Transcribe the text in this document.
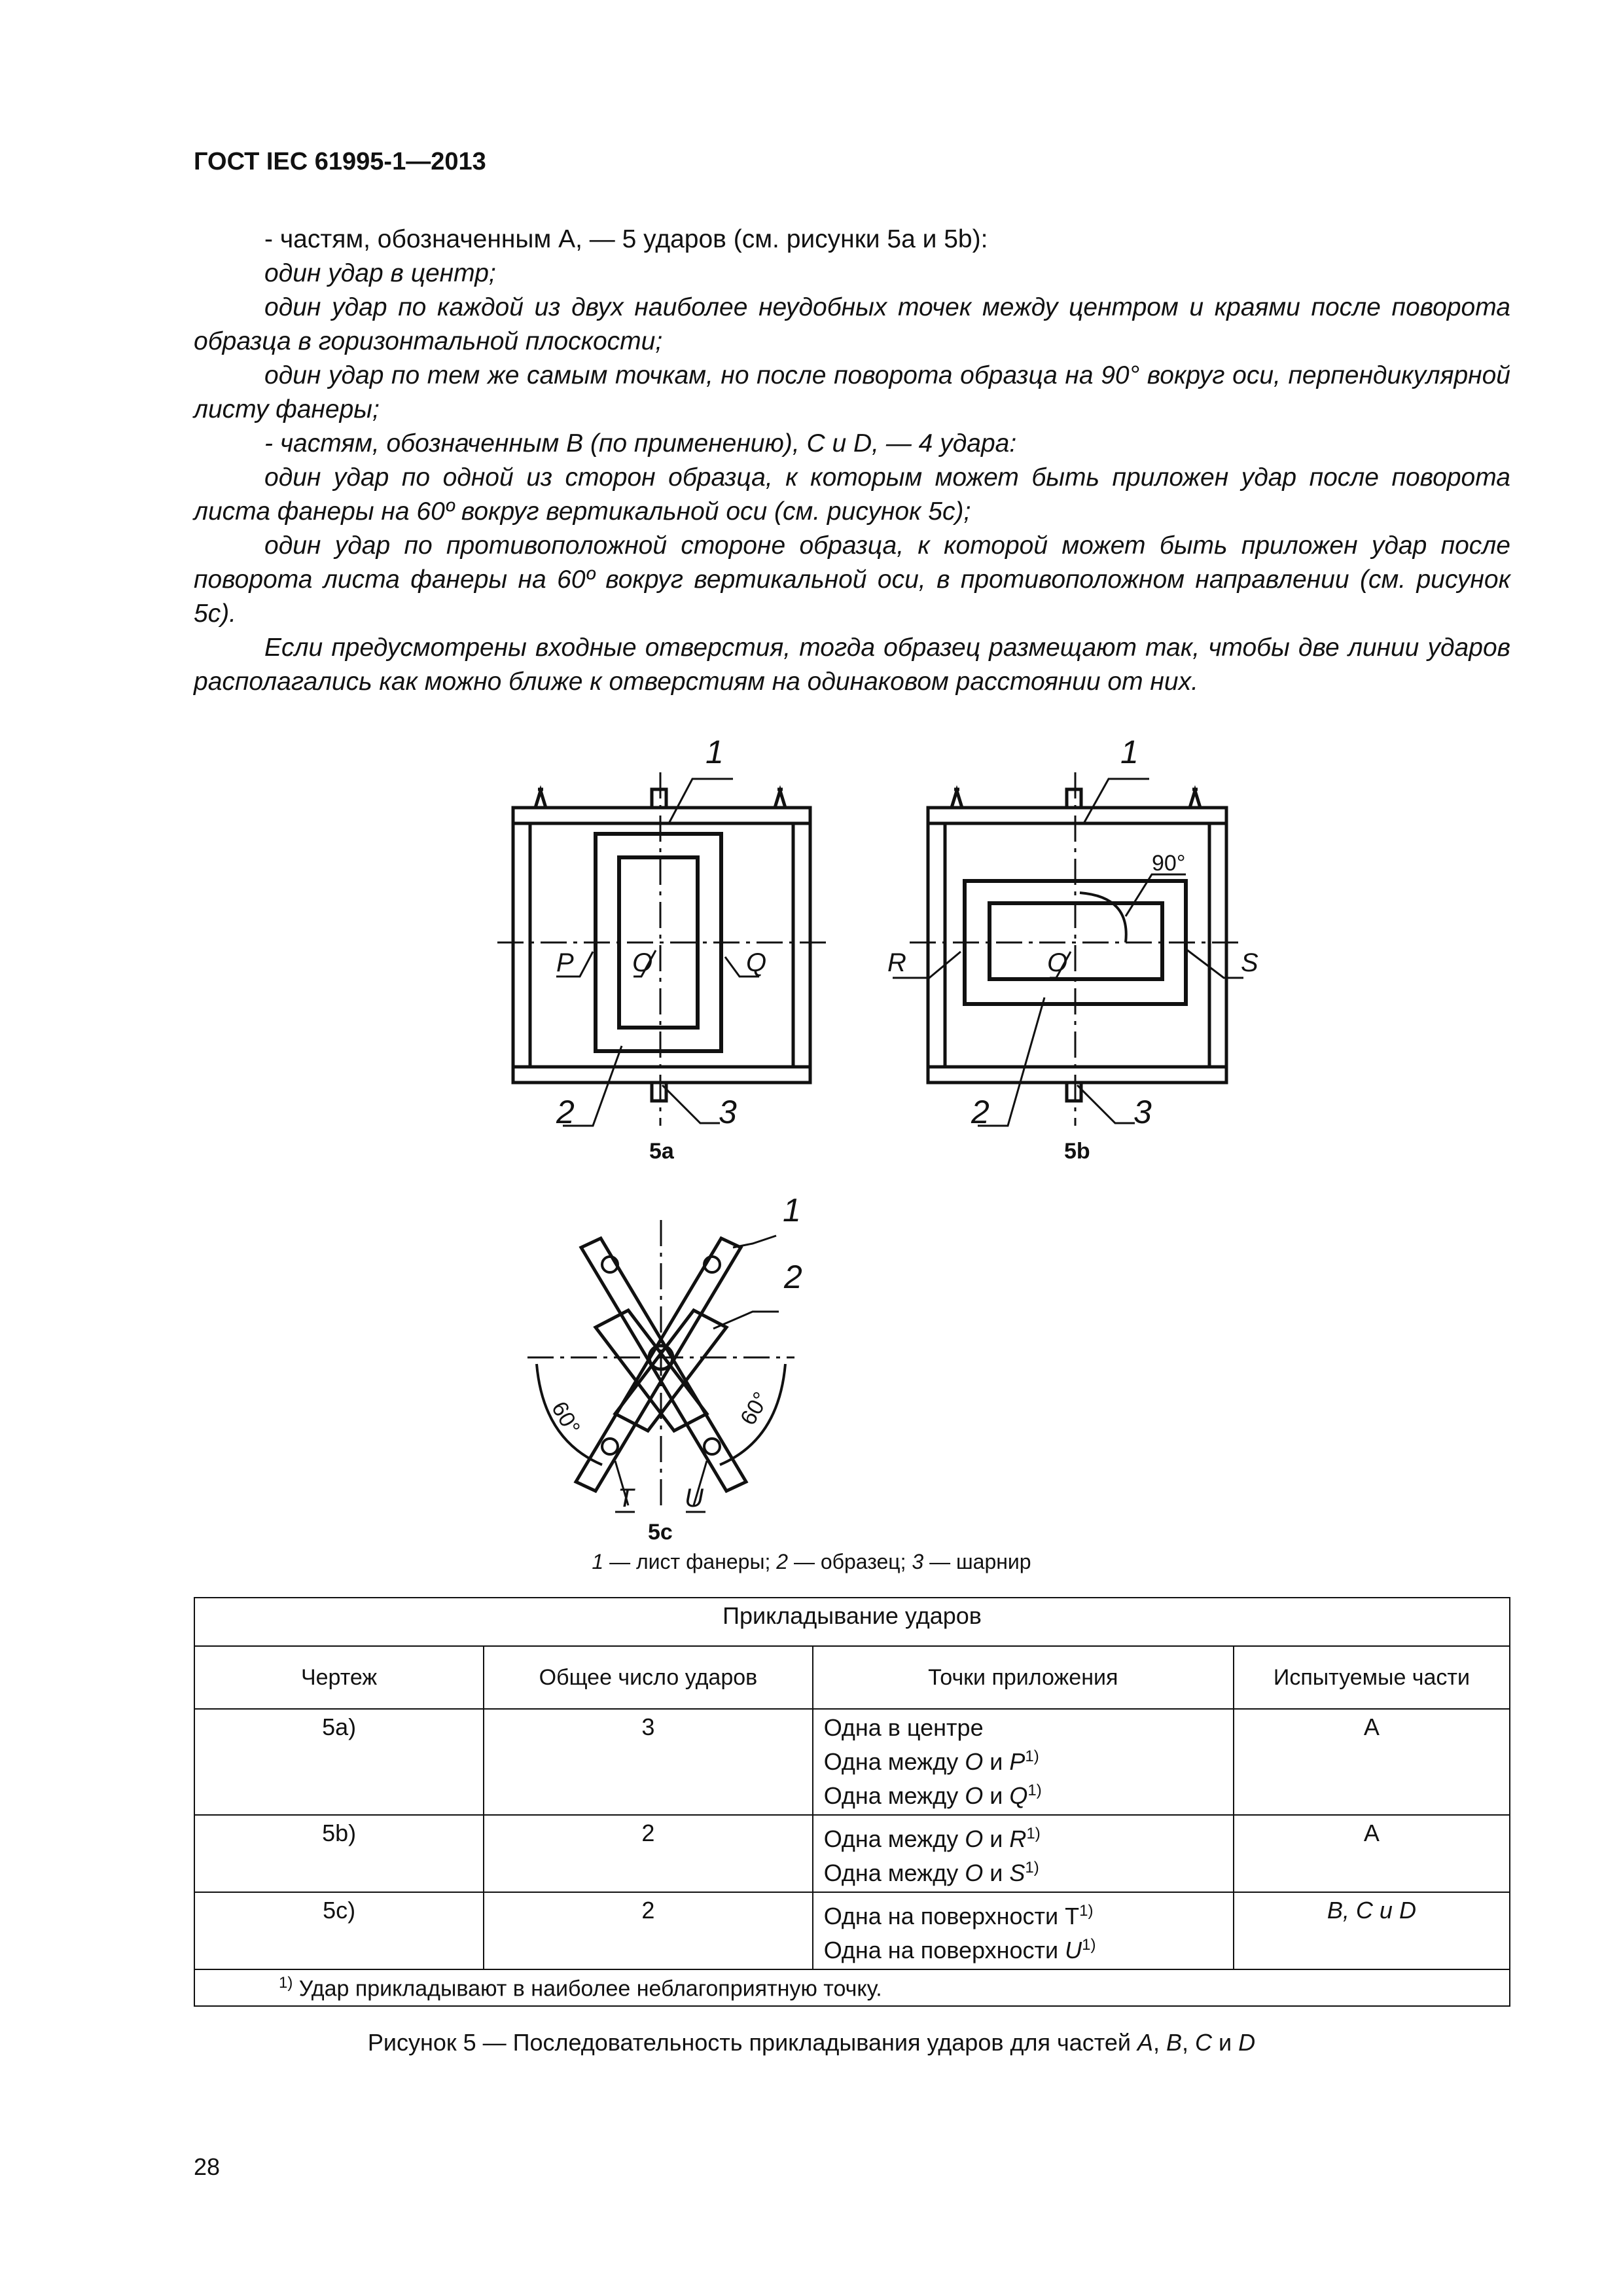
ГОСТ IEC 61995-1—2013

- частям, обозначенным А, — 5 ударов (см. рисунки 5а и 5b):

один удар в центр;

один удар по каждой из двух наиболее неудобных точек между центром и краями после поворота образца в горизонтальной плоскости;

один удар по тем же самым точкам, но после поворота образца на 90° вокруг оси, перпендикулярной листу фанеры;

- частям, обозначенным В (по применению), С и D, — 4 удара:

один удар по одной из сторон образца, к которым может быть приложен удар после поворота листа фанеры на 60º вокруг вертикальной оси (см. рисунок 5с);

один удар по противоположной стороне образца, к которой может быть приложен удар после поворота листа фанеры на 60º вокруг вертикальной оси, в противоположном направлении (см. рисунок 5с).

Если предусмотрены входные отверстия, тогда образец размещают так, чтобы две линии ударов располагались как можно ближе к отверстиям на одинаковом расстоянии от них.

1	1
1
2	2
2
3	3
P O	Q	R	O	S
T U
90°
60°	60°
5а	5b
5c
1 — лист фанеры; 2 — образец; 3 — шарнир
Прикладывание ударов			
Чертеж	Общее число ударов	Точки приложения	Испытуемые части
5а)	3	Одна в центре
Одна между O и $P^{1)}$
Одна между O и $Q^{1)}$	А
5b)	2	Одна между O и $R^{1)}$
Одна между O и $S^{1)}$	А
5c)	2	Одна на поверхности $Т^{1)}$
Одна на поверхности $U^{1)}$	B, C и D
$^{1)}$ Удар прикладывают в наиболее неблагоприятную точку.			
Рисунок 5 — Последовательность прикладывания ударов для частей A, B, C и D
28
